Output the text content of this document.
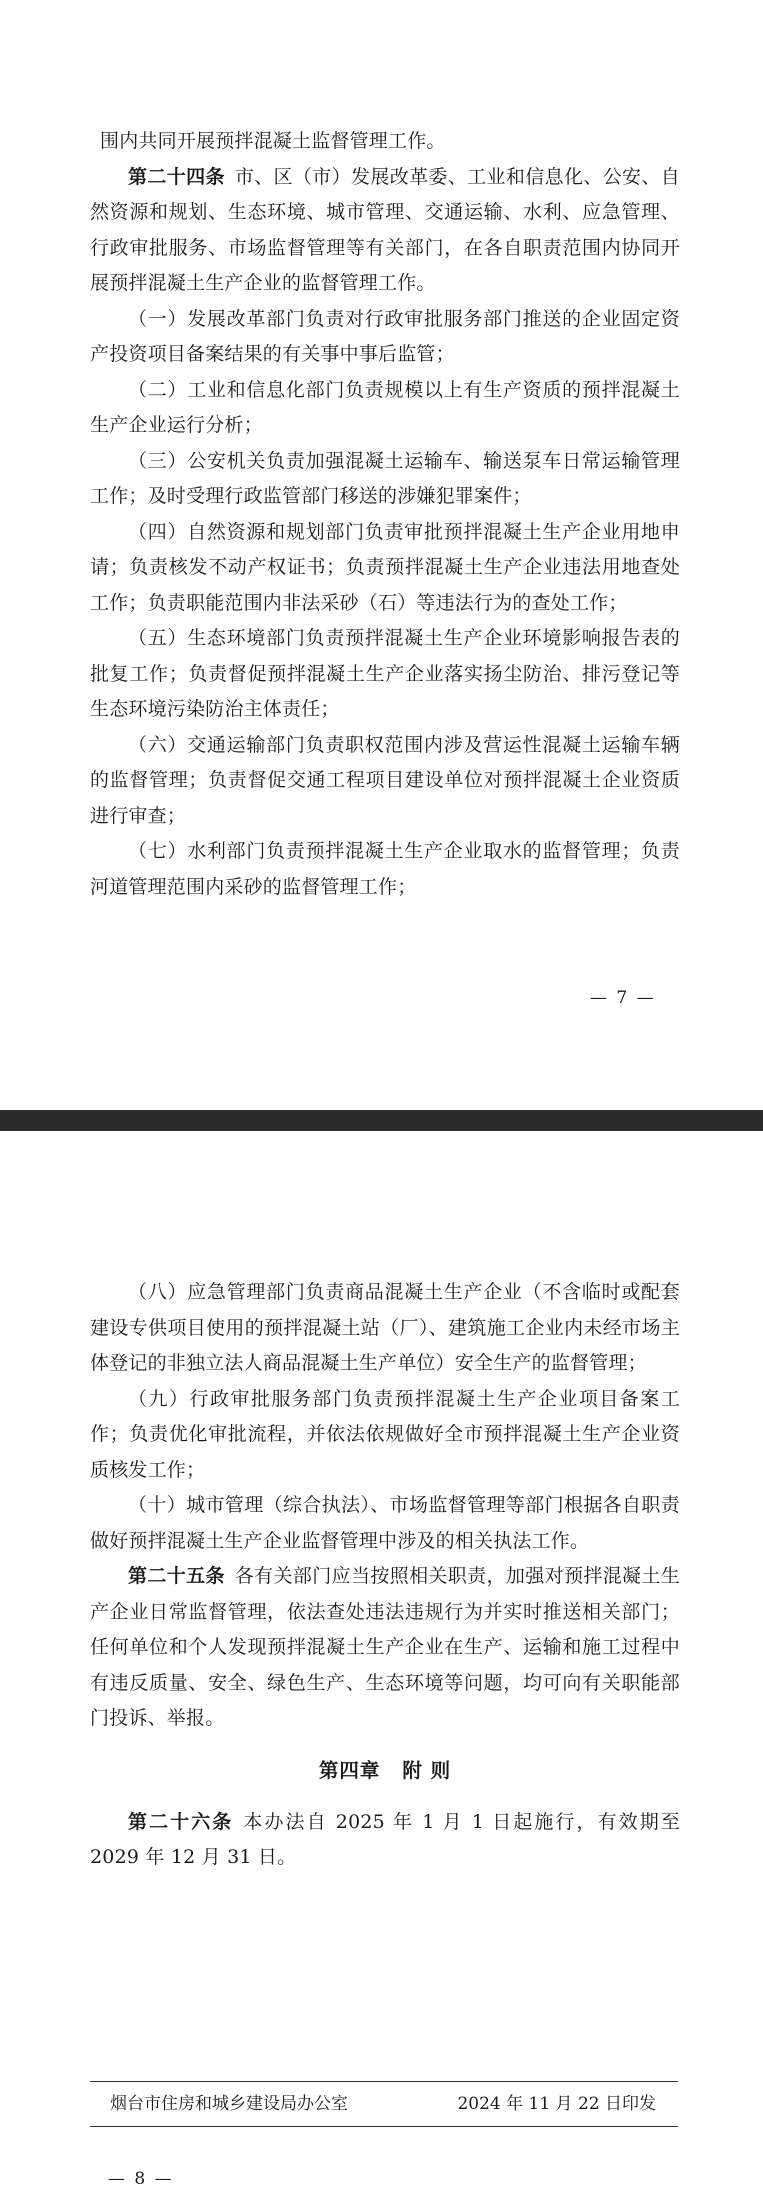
围内共同开展预拌混凝土监督管理工作。

第二十四条 市、区（市）发展改革委、工业和信息化、公安、自然资源和规划、生态环境、城市管理、交通运输、水利、应急管理、行政审批服务、市场监督管理等有关部门，在各自职责范围内协同开展预拌混凝土生产企业的监督管理工作。

（一）发展改革部门负责对行政审批服务部门推送的企业固定资产投资项目备案结果的有关事中事后监管；

（二）工业和信息化部门负责规模以上有生产资质的预拌混凝土生产企业运行分析；

（三）公安机关负责加强混凝土运输车、输送泵车日常运输管理工作；及时受理行政监管部门移送的涉嫌犯罪案件；

（四）自然资源和规划部门负责审批预拌混凝土生产企业用地申请；负责核发不动产权证书；负责预拌混凝土生产企业违法用地查处工作；负责职能范围内非法采砂（石）等违法行为的查处工作；

（五）生态环境部门负责预拌混凝土生产企业环境影响报告表的批复工作；负责督促预拌混凝土生产企业落实扬尘防治、排污登记等生态环境污染防治主体责任；

（六）交通运输部门负责职权范围内涉及营运性混凝土运输车辆的监督管理；负责督促交通工程项目建设单位对预拌混凝土企业资质进行审查；

（七）水利部门负责预拌混凝土生产企业取水的监督管理；负责河道管理范围内采砂的监督管理工作；

— 7 —

（八）应急管理部门负责商品混凝土生产企业（不含临时或配套建设专供项目使用的预拌混凝土站（厂）、建筑施工企业内未经市场主体登记的非独立法人商品混凝土生产单位）安全生产的监督管理；

（九）行政审批服务部门负责预拌混凝土生产企业项目备案工作；负责优化审批流程，并依法依规做好全市预拌混凝土生产企业资质核发工作；

（十）城市管理（综合执法）、市场监督管理等部门根据各自职责做好预拌混凝土生产企业监督管理中涉及的相关执法工作。

第二十五条 各有关部门应当按照相关职责，加强对预拌混凝土生产企业日常监督管理，依法查处违法违规行为并实时推送相关部门；任何单位和个人发现预拌混凝土生产企业在生产、运输和施工过程中有违反质量、安全、绿色生产、生态环境等问题，均可向有关职能部门投诉、举报。

第四章 附 则

第二十六条 本办法自 2025 年 1 月 1 日起施行，有效期至 2029 年 12 月 31 日。

烟台市住房和城乡建设局办公室	2024 年 11 月 22 日印发
— 8 —
